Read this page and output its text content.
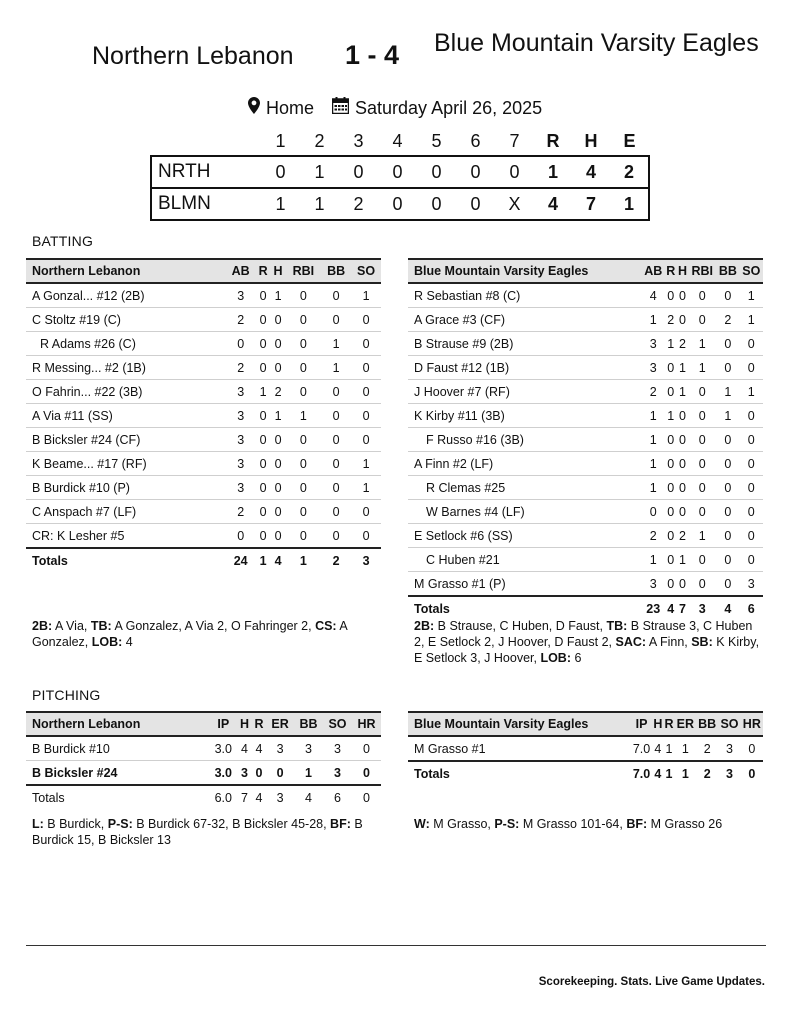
Northern Lebanon 1 - 4 Blue Mountain Varsity Eagles
Home Saturday April 26, 2025
	1	2	3	4	5	6	7	R	H	E
NRTH	0	1	0	0	0	0	0	1	4	2
BLMN	1	1	2	0	0	0	X	4	7	1
BATTING
Northern Lebanon	AB	R	H	RBI	BB	SO
A Gonzal... #12 (2B)	3	0	1	0	0	1
C Stoltz #19 (C)	2	0	0	0	0	0
R Adams #26 (C)	0	0	0	0	1	0
R Messing... #2 (1B)	2	0	0	0	1	0
O Fahrin... #22 (3B)	3	1	2	0	0	0
A Via #11 (SS)	3	0	1	1	0	0
B Bicksler #24 (CF)	3	0	0	0	0	0
K Beame... #17 (RF)	3	0	0	0	0	1
B Burdick #10 (P)	3	0	0	0	0	1
C Anspach #7 (LF)	2	0	0	0	0	0
CR: K Lesher #5	0	0	0	0	0	0
Totals	24	1	4	1	2	3
Blue Mountain Varsity Eagles	AB	R	H	RBI	BB	SO
R Sebastian #8 (C)	4	0	0	0	0	1
A Grace #3 (CF)	1	2	0	0	2	1
B Strause #9 (2B)	3	1	2	1	0	0
D Faust #12 (1B)	3	0	1	1	0	0
J Hoover #7 (RF)	2	0	1	0	1	1
K Kirby #11 (3B)	1	1	0	0	1	0
F Russo #16 (3B)	1	0	0	0	0	0
A Finn #2 (LF)	1	0	0	0	0	0
R Clemas #25	1	0	0	0	0	0
W Barnes #4 (LF)	0	0	0	0	0	0
E Setlock #6 (SS)	2	0	2	1	0	0
C Huben #21	1	0	1	0	0	0
M Grasso #1 (P)	3	0	0	0	0	3
Totals	23	4	7	3	4	6
2B: A Via, TB: A Gonzalez, A Via 2, O Fahringer 2, CS: A Gonzalez, LOB: 4
2B: B Strause, C Huben, D Faust, TB: B Strause 3, C Huben 2, E Setlock 2, J Hoover, D Faust 2, SAC: A Finn, SB: K Kirby, E Setlock 3, J Hoover, LOB: 6
PITCHING
Northern Lebanon	IP	H	R	ER	BB	SO	HR
B Burdick #10	3.0	4	4	3	3	3	0
B Bicksler #24	3.0	3	0	0	1	3	0
Totals	6.0	7	4	3	4	6	0
Blue Mountain Varsity Eagles	IP	H	R	ER	BB	SO	HR
M Grasso #1	7.0	4	1	1	2	3	0
Totals	7.0	4	1	1	2	3	0
L: B Burdick, P-S: B Burdick 67-32, B Bicksler 45-28, BF: B Burdick 15, B Bicksler 13
W: M Grasso, P-S: M Grasso 101-64, BF: M Grasso 26
Scorekeeping. Stats. Live Game Updates.
